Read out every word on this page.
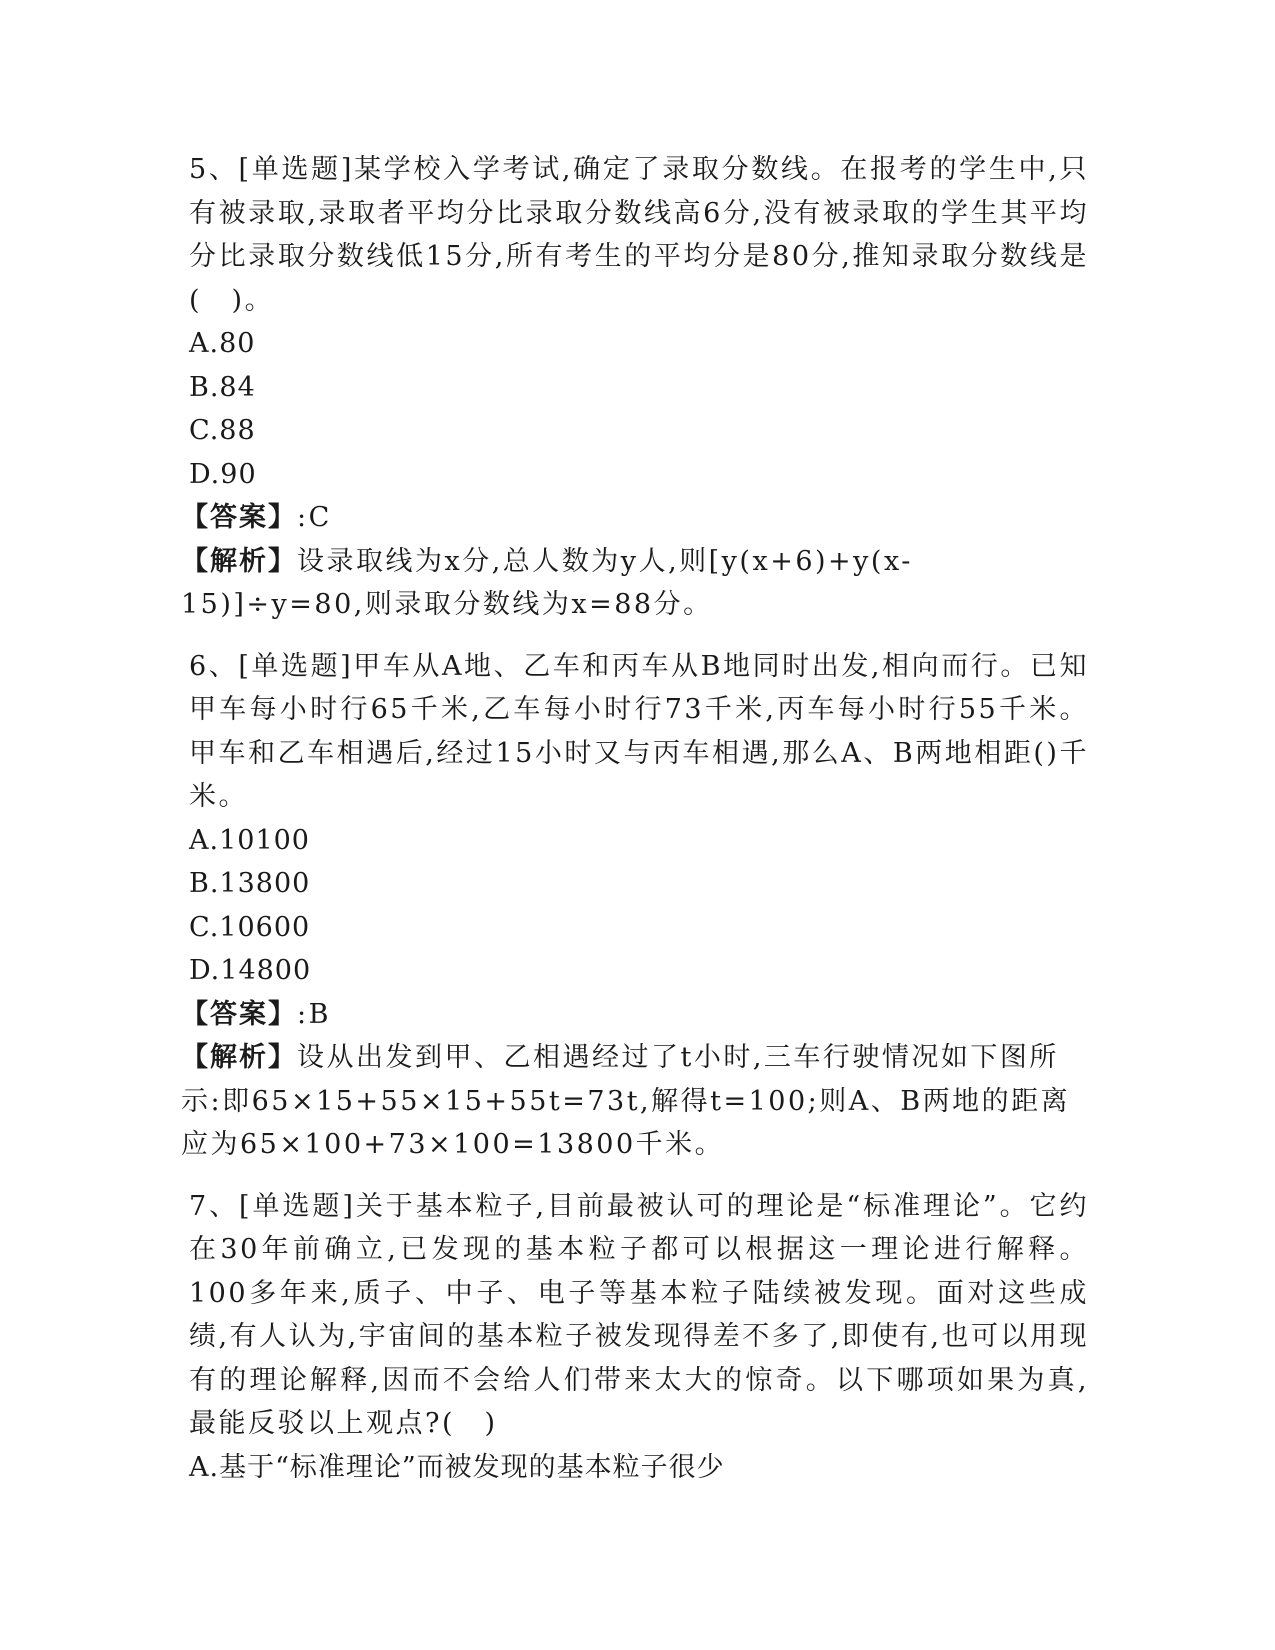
5、[单选题]某学校入学考试,确定了录取分数线。在报考的学生中,只有被录取,录取者平均分比录取分数线高6分,没有被录取的学生其平均分比录取分数线低15分,所有考生的平均分是80分,推知录取分数线是(　)。

A.80

B.84

C.88

D.90

【答案】:C

【解析】设录取线为x分,总人数为y人,则[y(x+6)+y(x-15)]÷y=80,则录取分数线为x=88分。

6、[单选题]甲车从A地、乙车和丙车从B地同时出发,相向而行。已知甲车每小时行65千米,乙车每小时行73千米,丙车每小时行55千米。甲车和乙车相遇后,经过15小时又与丙车相遇,那么A、B两地相距()千米。

A.10100

B.13800

C.10600

D.14800

【答案】:B

【解析】设从出发到甲、乙相遇经过了t小时,三车行驶情况如下图所示:即65×15+55×15+55t=73t,解得t=100;则A、B两地的距离应为65×100+73×100=13800千米。

7、[单选题]关于基本粒子,目前最被认可的理论是“标准理论”。它约在30年前确立,已发现的基本粒子都可以根据这一理论进行解释。100多年来,质子、中子、电子等基本粒子陆续被发现。面对这些成绩,有人认为,宇宙间的基本粒子被发现得差不多了,即使有,也可以用现有的理论解释,因而不会给人们带来太大的惊奇。以下哪项如果为真,最能反驳以上观点?(　)

A.基于“标准理论”而被发现的基本粒子很少
